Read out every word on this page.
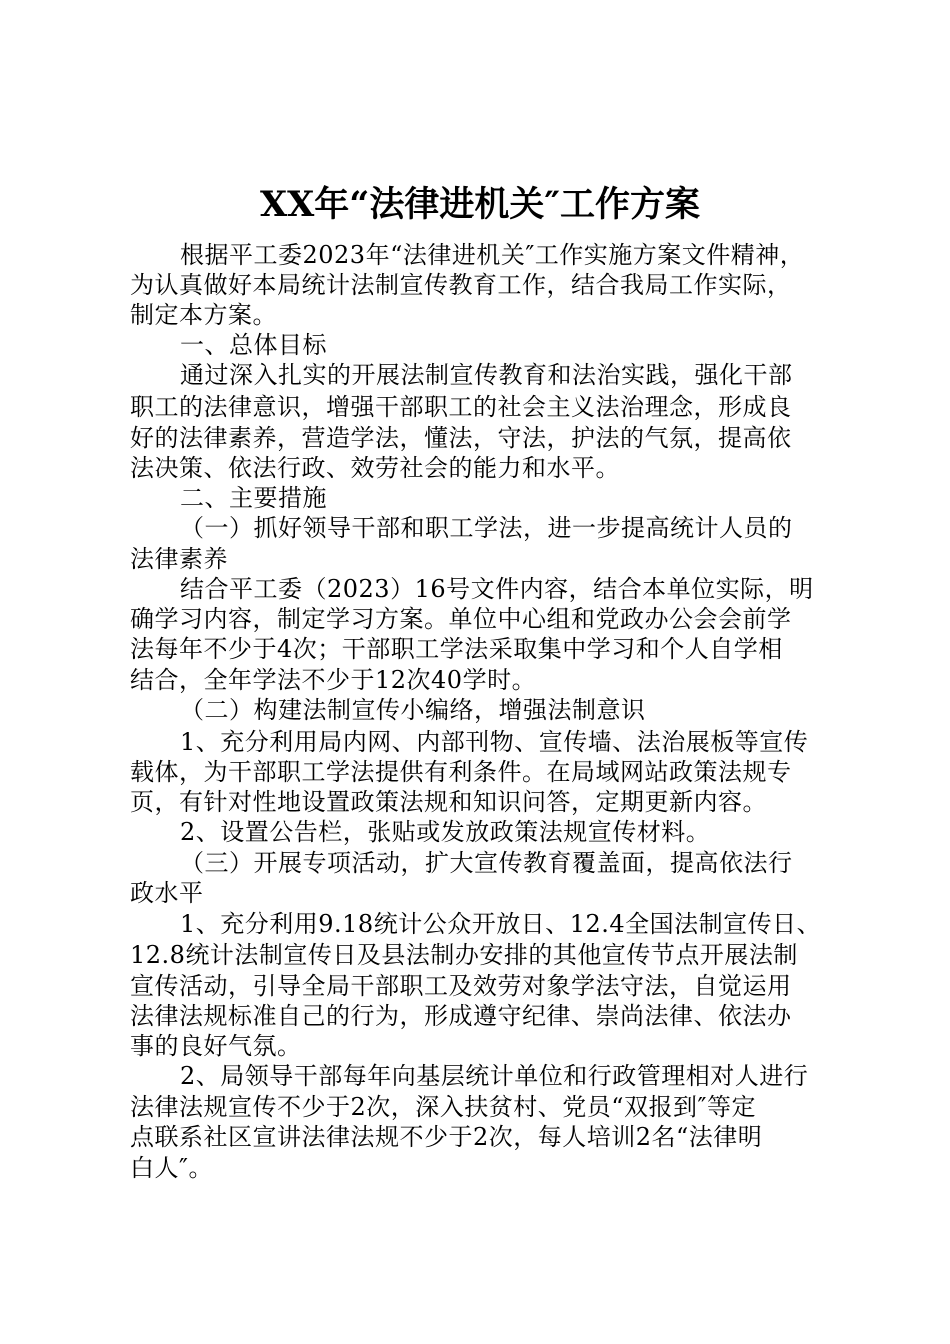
XX年“法律进机关″工作方案
根据平工委2023年“法律进机关″工作实施方案文件精神，
为认真做好本局统计法制宣传教育工作，结合我局工作实际，
制定本方案。
一、总体目标
通过深入扎实的开展法制宣传教育和法治实践，强化干部
职工的法律意识，增强干部职工的社会主义法治理念，形成良
好的法律素养，营造学法，懂法，守法，护法的气氛，提高依
法决策、依法行政、效劳社会的能力和水平。
二、主要措施
（一）抓好领导干部和职工学法，进一步提高统计人员的
法律素养
结合平工委（2023）16号文件内容，结合本单位实际，明
确学习内容，制定学习方案。单位中心组和党政办公会会前学
法每年不少于4次；干部职工学法采取集中学习和个人自学相
结合，全年学法不少于12次40学时。
（二）构建法制宣传小编络，增强法制意识
1、充分利用局内网、内部刊物、宣传墙、法治展板等宣传
载体，为干部职工学法提供有利条件。在局域网站政策法规专
页，有针对性地设置政策法规和知识问答，定期更新内容。
2、设置公告栏，张贴或发放政策法规宣传材料。
（三）开展专项活动，扩大宣传教育覆盖面，提高依法行
政水平
1、充分利用9.18统计公众开放日、12.4全国法制宣传日、
12.8统计法制宣传日及县法制办安排的其他宣传节点开展法制
宣传活动，引导全局干部职工及效劳对象学法守法，自觉运用
法律法规标准自己的行为，形成遵守纪律、崇尚法律、依法办
事的良好气氛。
2、局领导干部每年向基层统计单位和行政管理相对人进行
法律法规宣传不少于2次，深入扶贫村、党员“双报到″等定
点联系社区宣讲法律法规不少于2次，每人培训2名“法律明
白人″。
